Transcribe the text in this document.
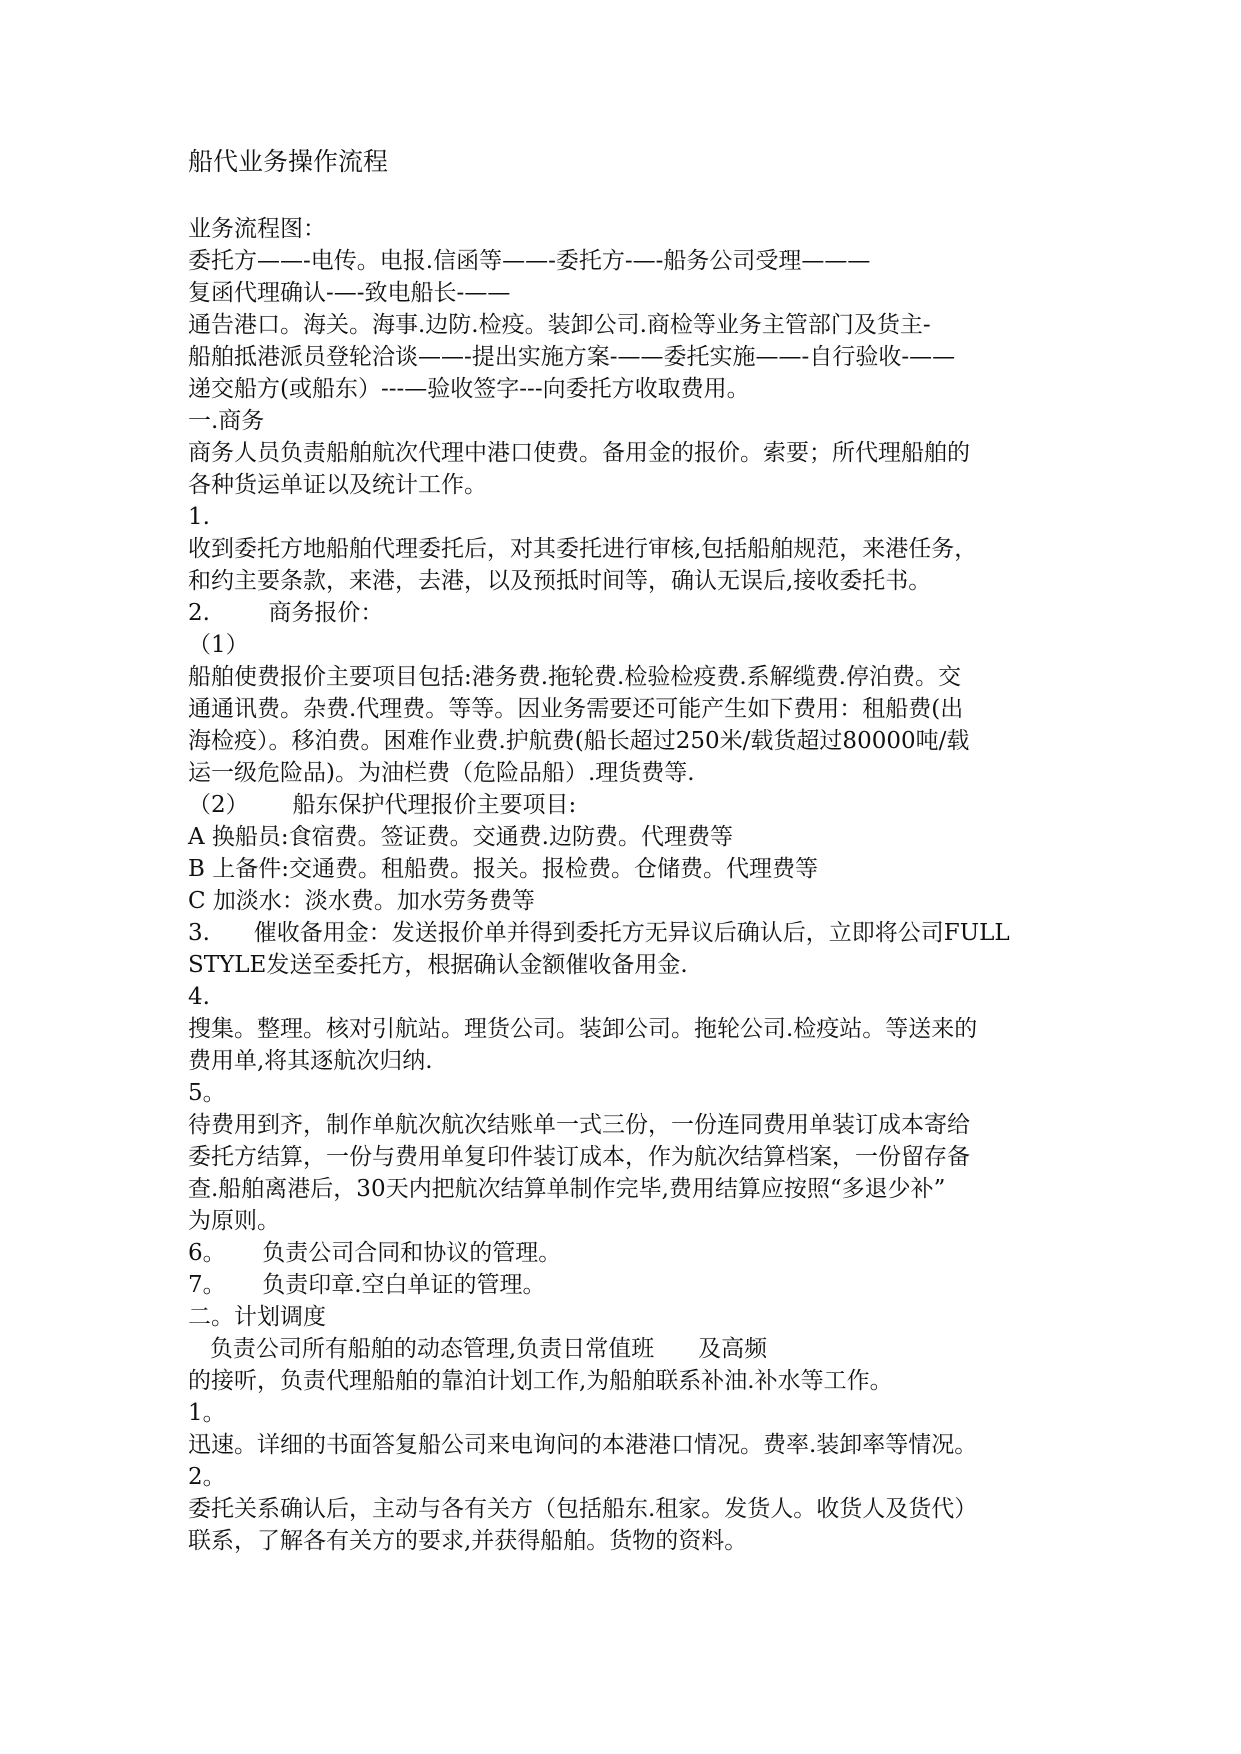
船代业务操作流程
业务流程图：
委托方——-电传。电报.信函等——-委托方-—-船务公司受理———
复函代理确认-—-致电船长-——
通告港口。海关。海事.边防.检疫。装卸公司.商检等业务主管部门及货主-
船舶抵港派员登轮洽谈——-提出实施方案-——委托实施——-自行验收-——
递交船方(或船东）---—验收签字---向委托方收取费用。
一.商务
商务人员负责船舶航次代理中港口使费。备用金的报价。索要；所代理船舶的
各种货运单证以及统计工作。
1.
收到委托方地船舶代理委托后，对其委托进行审核,包括船舶规范，来港任务，
和约主要条款，来港，去港，以及预抵时间等，确认无误后,接收委托书。
2.        商务报价：
（1）
船舶使费报价主要项目包括:港务费.拖轮费.检验检疫费.系解缆费.停泊费。交
通通讯费。杂费.代理费。等等。因业务需要还可能产生如下费用：租船费(出
海检疫）。移泊费。困难作业费.护航费(船长超过250米/载货超过80000吨/载
运一级危险品)。为油栏费（危险品船）.理货费等.
（2）      船东保护代理报价主要项目:
A 换船员:食宿费。签证费。交通费.边防费。代理费等
B 上备件:交通费。租船费。报关。报检费。仓储费。代理费等
C 加淡水：淡水费。加水劳务费等
3.      催收备用金：发送报价单并得到委托方无异议后确认后，立即将公司FULL
STYLE发送至委托方，根据确认金额催收备用金.
4.
搜集。整理。核对引航站。理货公司。装卸公司。拖轮公司.检疫站。等送来的
费用单,将其逐航次归纳.
5。
待费用到齐，制作单航次航次结账单一式三份，一份连同费用单装订成本寄给
委托方结算，一份与费用单复印件装订成本，作为航次结算档案，一份留存备
查.船舶离港后，30天内把航次结算单制作完毕,费用结算应按照“多退少补”
为原则。
6。     负责公司合同和协议的管理。
7。     负责印章.空白单证的管理。
二。计划调度
负责公司所有船舶的动态管理,负责日常值班      及高频
的接听，负责代理船舶的靠泊计划工作,为船舶联系补油.补水等工作。
1。
迅速。详细的书面答复船公司来电询问的本港港口情况。费率.装卸率等情况。
2。
委托关系确认后，主动与各有关方（包括船东.租家。发货人。收货人及货代）
联系，了解各有关方的要求,并获得船舶。货物的资料。
